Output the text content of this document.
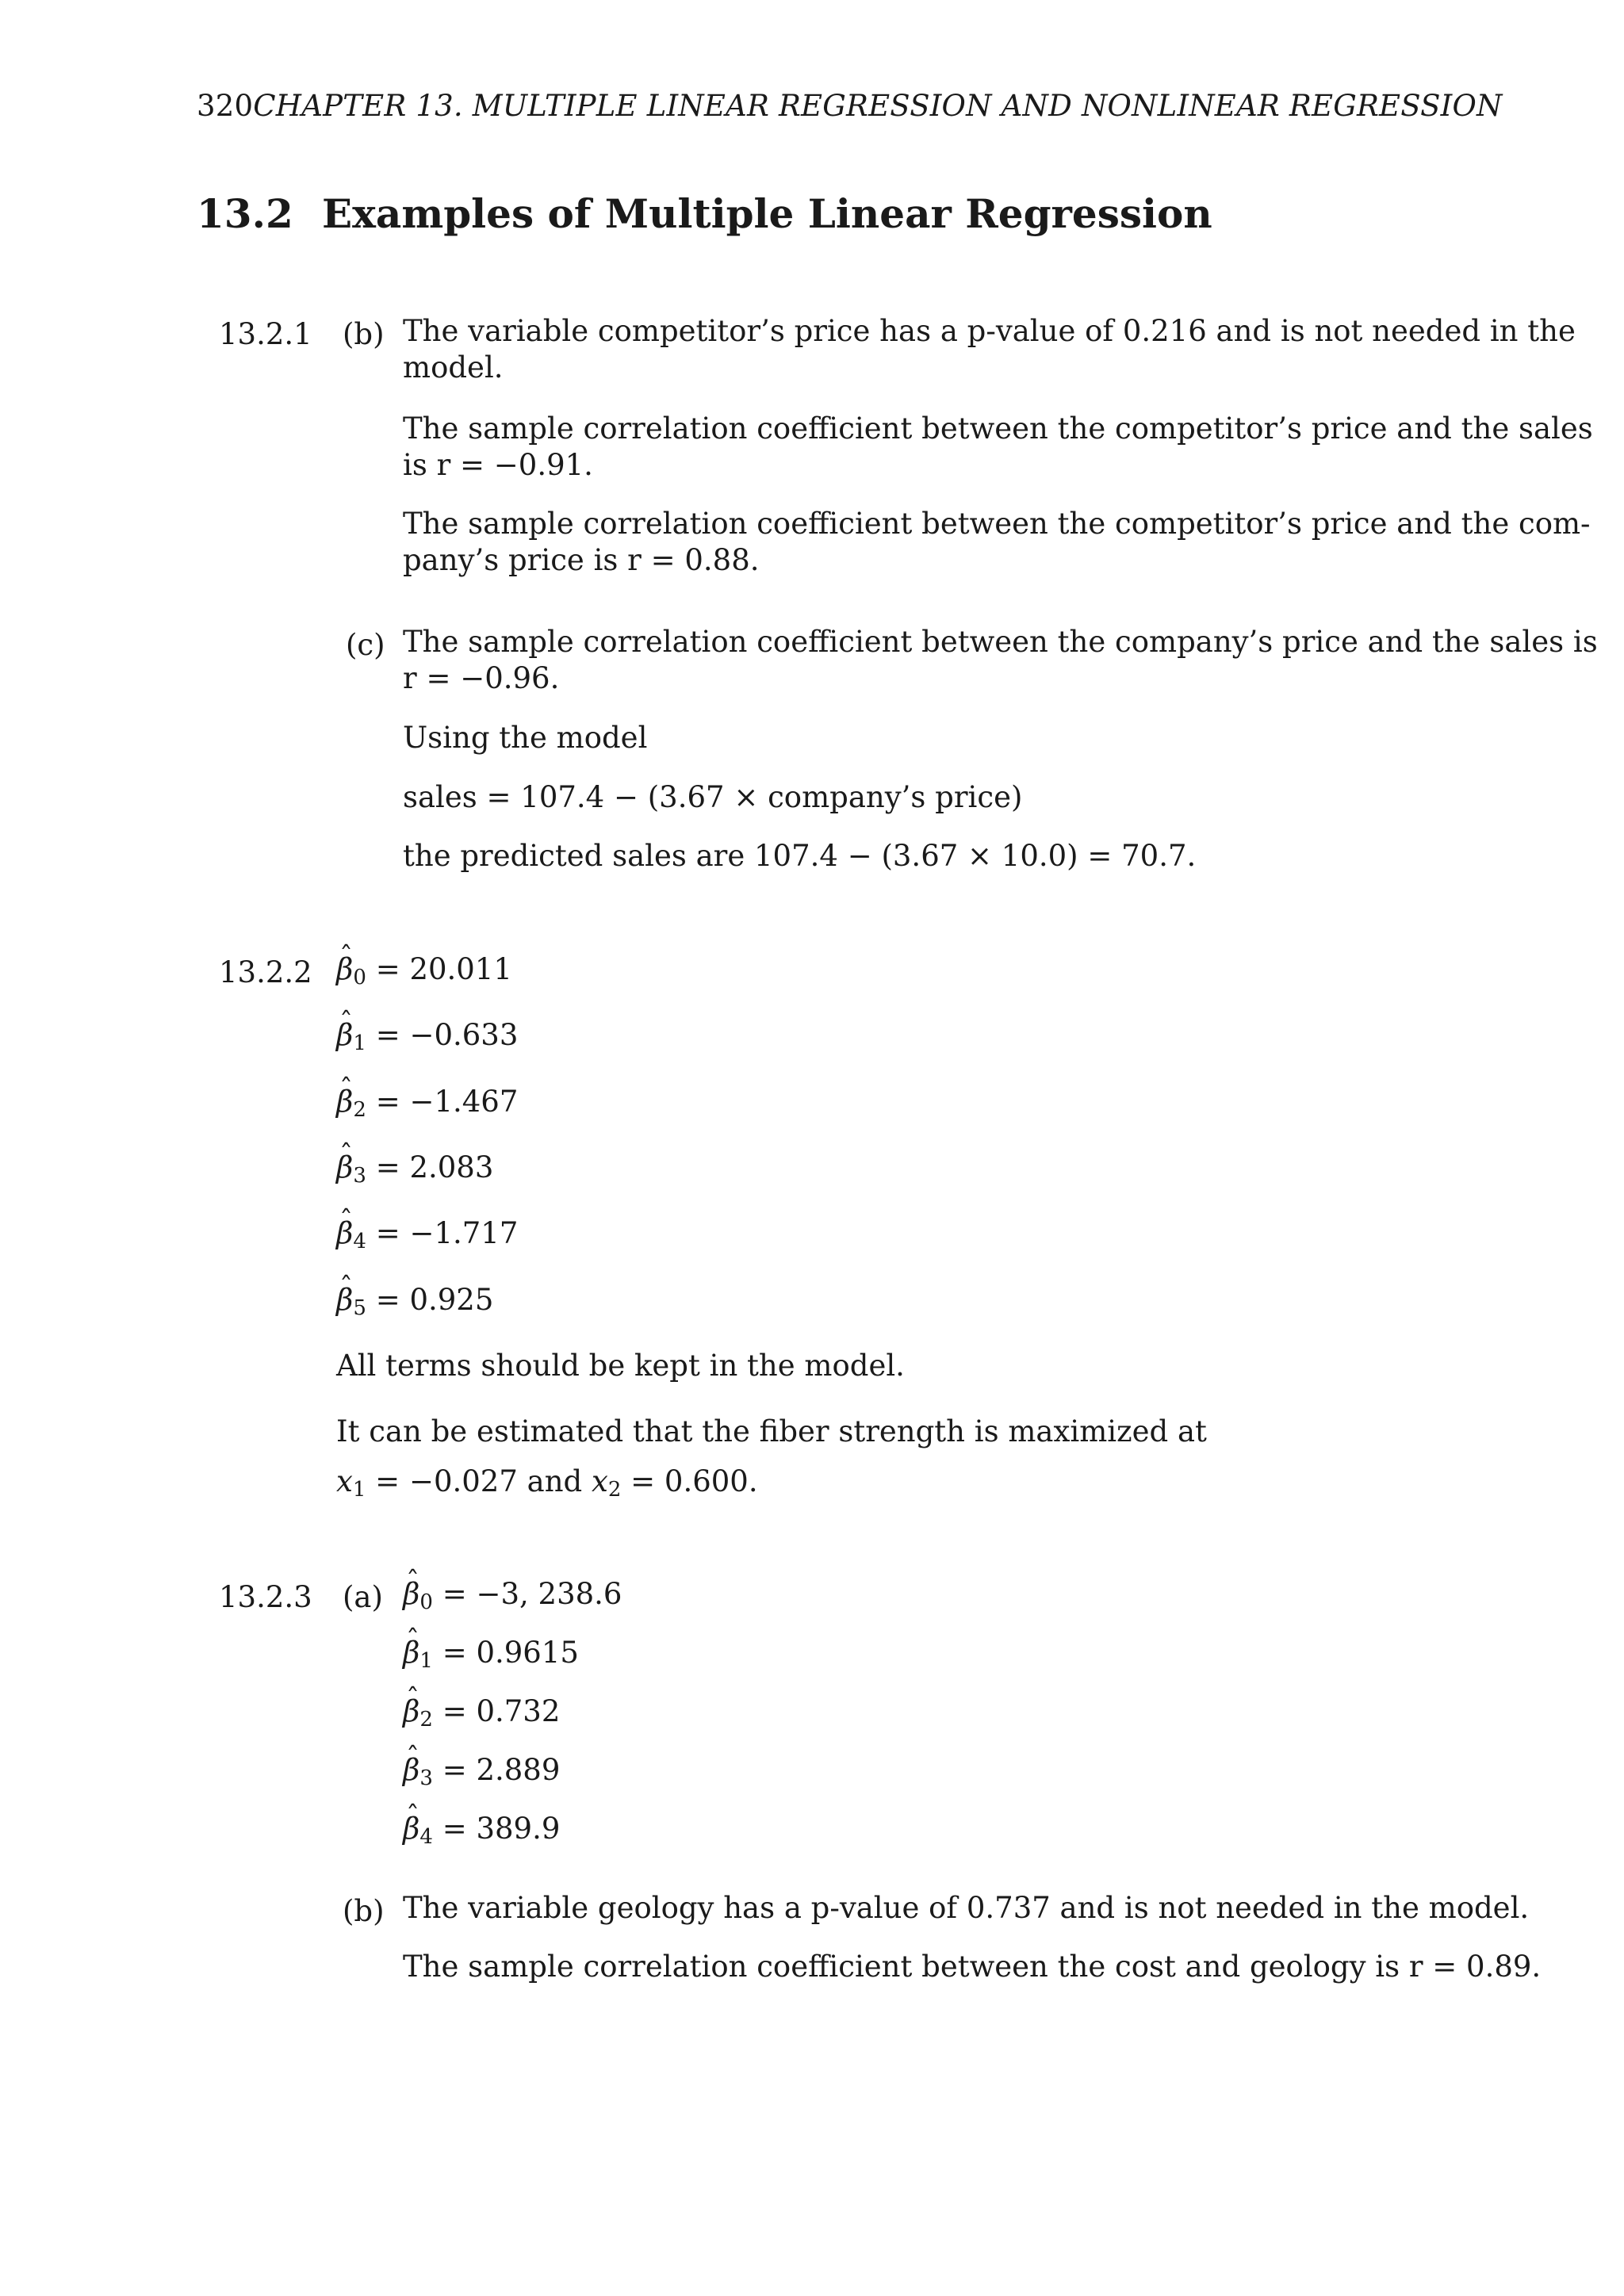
320CHAPTER 13. MULTIPLE LINEAR REGRESSION AND NONLINEAR REGRESSION
13.2 Examples of Multiple Linear Regression
13.2.1 (b) The variable competitor’s price has a p-value of 0.216 and is not needed in the
model.
The sample correlation coefficient between the competitor’s price and the sales
is r = −0.91.
The sample correlation coefficient between the competitor’s price and the com-
pany’s price is r = 0.88.
(c) The sample correlation coefficient between the company’s price and the sales is
r = −0.96.
Using the model
sales = 107.4 − (3.67 × company’s price)
the predicted sales are 107.4 − (3.67 × 10.0) = 70.7.
13.2.2 ˆ $\beta_0 = 20.011$
ˆ $\beta_1 = -0.633$
ˆ $\beta_2 = -1.467$
ˆ $\beta_3 = 2.083$
ˆ $\beta_4 = -1.717$
ˆ $\beta_5 = 0.925$
All terms should be kept in the model.
It can be estimated that the fiber strength is maximized at
$x_1 = -0.027$ and $x_2 = 0.600$.
13.2.3 (a) ˆ $\beta_0 = -3$, 238.6
ˆ $\beta_1 = 0.9615$
ˆ $\beta_2 = 0.732$
ˆ $\beta_3 = 2.889$
ˆ $\beta_4 = 389.9$
(b) The variable geology has a p-value of 0.737 and is not needed in the model.
The sample correlation coefficient between the cost and geology is r = 0.89.
